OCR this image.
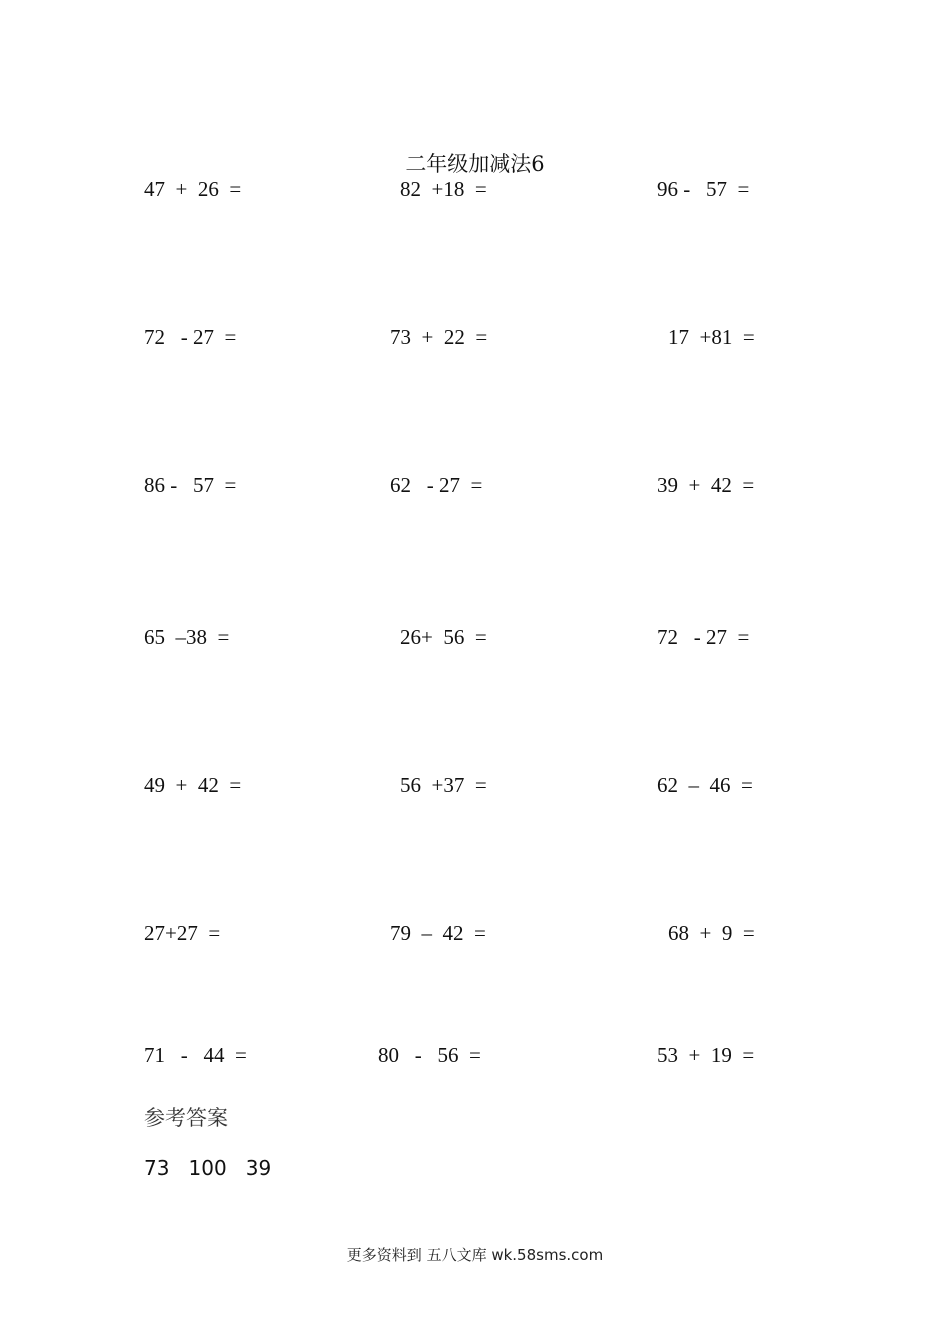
二年级加减法6
47  +  26  =	82  +18  =	96 -   57  =
72   - 27  =	73  +  22  =	17  +81  =
86 -   57  =	62   - 27  =	39  +  42  =
65  –38  =	26+  56  =	72   - 27  =
49  +  42  =	56  +37  =	62  –  46  =
27+27  =	79  –  42  =	68  +  9  =
71   -   44  =	80   -   56  =	53  +  19  =
参考答案
73   100   39
更多资料到 五八文库 wk.58sms.com
